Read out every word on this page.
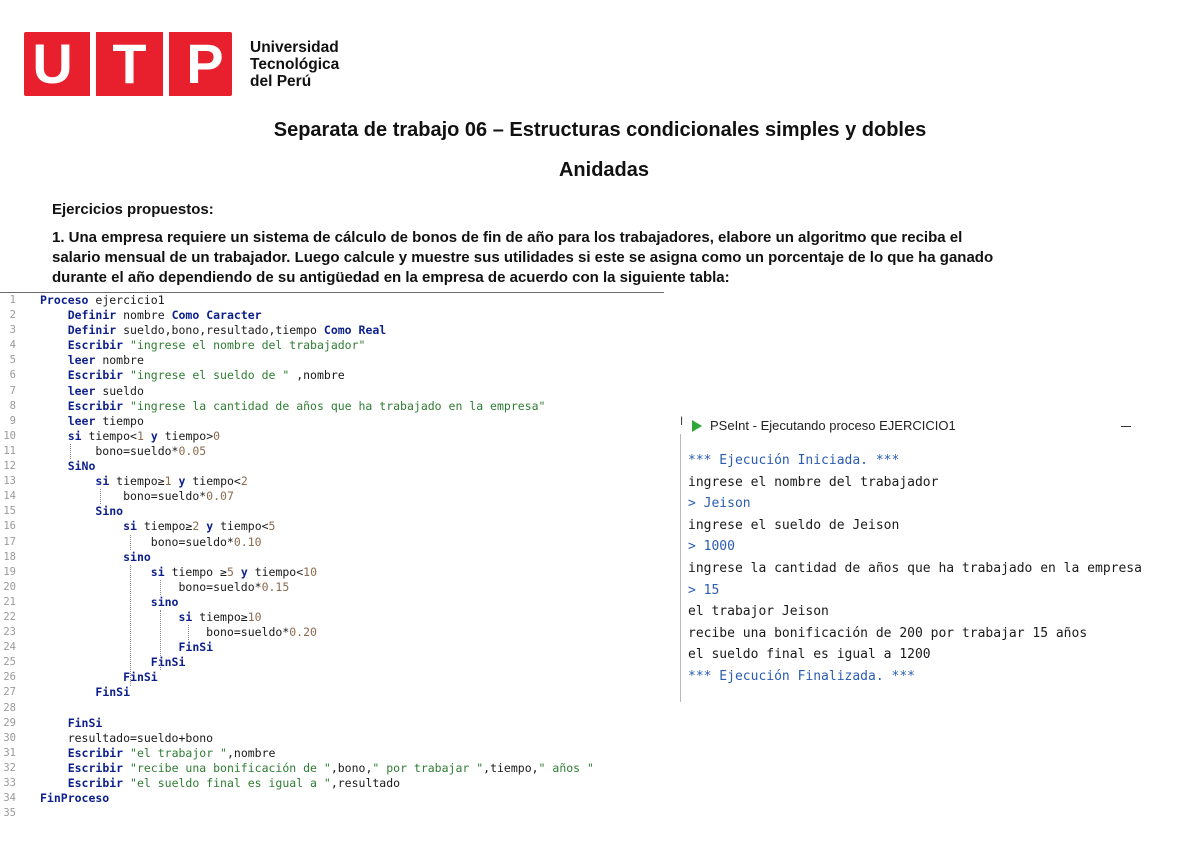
U T P Universidad
Tecnológica
del Perú
Separata de trabajo 06 – Estructuras condicionales simples y dobles
Anidadas
Ejercicios propuestos:
1. Una empresa requiere un sistema de cálculo de bonos de fin de año para los trabajadores, elabore un algoritmo que reciba el
salario mensual de un trabajador. Luego calcule y muestre sus utilidades si este se asigna como un porcentaje de lo que ha ganado
durante el año dependiendo de su antigüedad en la empresa de acuerdo con la siguiente tabla:
1 Proceso ejercicio1
2	Definir nombre Como Caracter
3	Definir sueldo,bono,resultado,tiempo Como Real
4	Escribir "ingrese el nombre del trabajador"
5	leer nombre
6	Escribir "ingrese el sueldo de " ,nombre
7	leer sueldo
8	Escribir "ingrese la cantidad de años que ha trabajado en la empresa"
9	leer tiempo
10	si tiempo<1 y tiempo>0
11 bono=sueldo*0.05
12	SiNo
13	si tiempo≥1 y tiempo<2
14 bono=sueldo*0.07
15	Sino
16	si tiempo≥2 y tiempo<5
17 bono=sueldo*0.10
18	sino
19	si tiempo ≥5 y tiempo<10
20 bono=sueldo*0.15
21	sino
22	si tiempo≥10
23 bono=sueldo*0.20
24	FinSi
25	FinSi
26	FinSi
27	FinSi
28
29	FinSi
30 resultado=sueldo+bono
31	Escribir "el trabajor ",nombre
32	Escribir "recibe una bonificación de ",bono," por trabajar ",tiempo," años "
33	Escribir "el sueldo final es igual a ",resultado
34 FinProceso
35
ǀ PSeInt - Ejecutando proceso EJERCICIO1
*** Ejecución Iniciada. ***
ingrese el nombre del trabajador
> Jeison
ingrese el sueldo de Jeison
> 1000
ingrese la cantidad de años que ha trabajado en la empresa
> 15
el trabajor Jeison
recibe una bonificación de 200 por trabajar 15 años
el sueldo final es igual a 1200
*** Ejecución Finalizada. ***
